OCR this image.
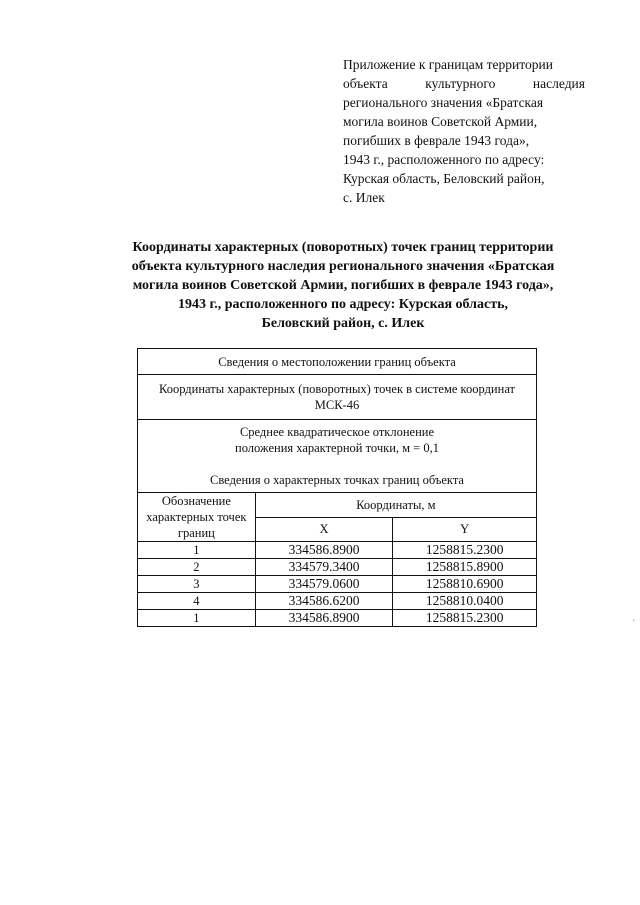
Приложение к границам территории
объекта культурного наследия
регионального значения «Братская
могила воинов Советской Армии,
погибших в феврале 1943 года»,
1943 г., расположенного по адресу:
Курская область, Беловский район,
с. Илек
Координаты характерных (поворотных) точек границ территории
объекта культурного наследия регионального значения «Братская
могила воинов Советской Армии, погибших в феврале 1943 года»,
1943 г., расположенного по адресу: Курская область,
Беловский район, с. Илек
Сведения о местоположении границ объекта		

Координаты характерных (поворотных) точек в системе координат
МСК-46		

Среднее квадратическое отклонение
положения характерной точки, м = 0,1
Сведения о характерных точках границ объекта		

Обозначение характерных точек границ	Координаты, м	
	X	Y
1	334586.8900	1258815.2300
2	334579.3400	1258815.8900
3	334579.0600	1258810.6900
4	334586.6200	1258810.0400
1	334586.8900	1258815.2300	'
